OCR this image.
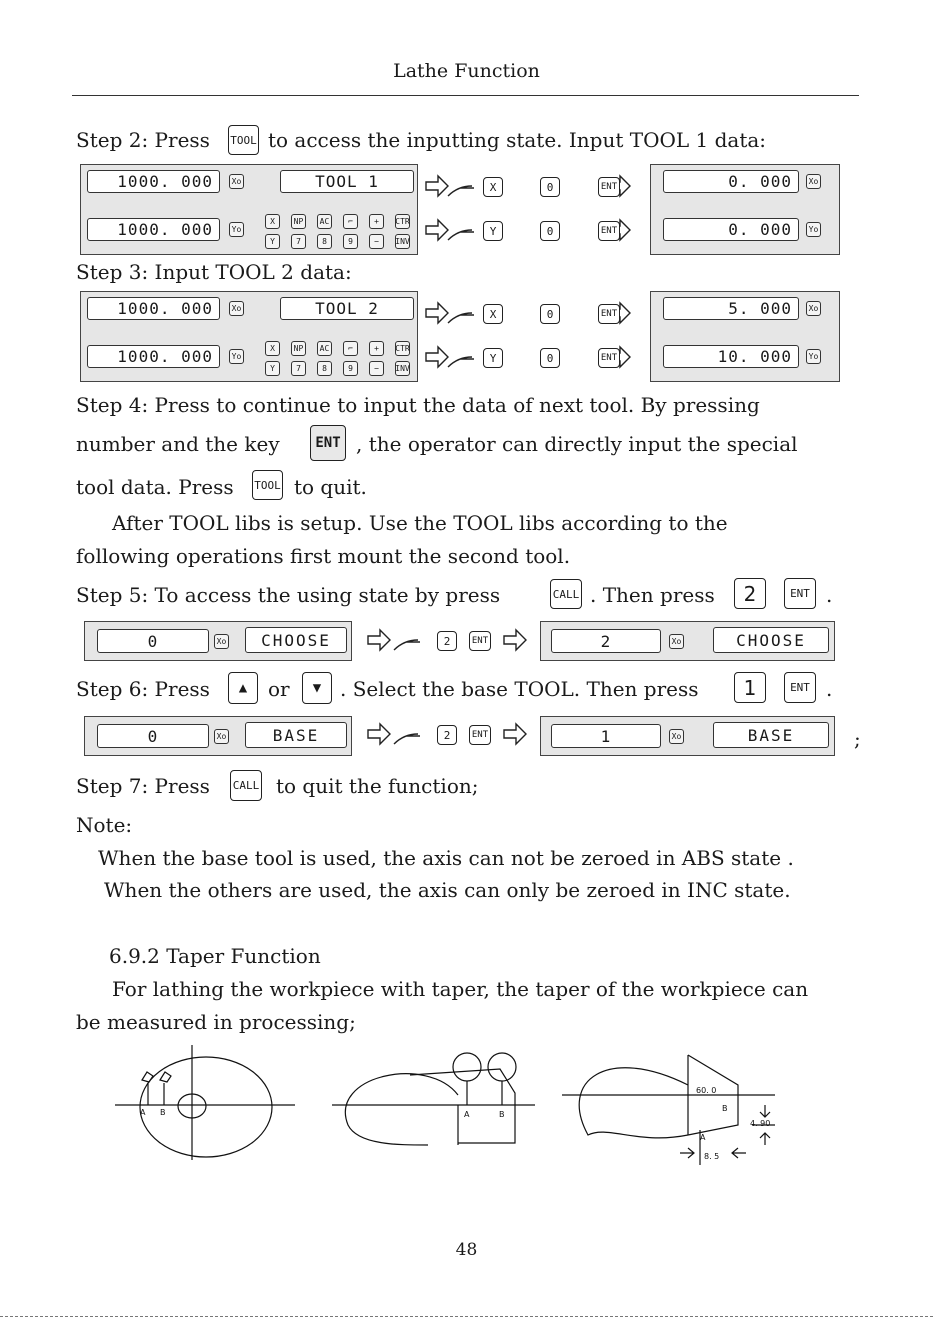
Lathe Function
Step 2: Press TOOL to access the inputting state. Input TOOL 1 data:
1000. 000	Xo	TOOL 1
1000. 000	Yo
X	NP	AC	⌐	+	CTR
Y	7	8	9	−	INV
X	0	ENT
Y	0	ENT
0. 000	Xo
0. 000	Yo
Step 3: Input TOOL 2 data:
1000. 000	Xo	TOOL 2
1000. 000	Yo
X	NP	AC	⌐	+	CTR
Y	7	8	9	−	INV
X	0	ENT
Y	0	ENT
5. 000	Xo
10. 000	Yo
Step 4: Press to continue to input the data of next tool. By pressing
number and the key	ENT , the operator can directly input the special
tool data. Press TOOL to quit.
After TOOL libs is setup. Use the TOOL libs according to the
following operations first mount the second tool.
Step 5: To access the using state by press	CALL . Then press	2	ENT .
0	Xo	CHOOSE	2	ENT	2	Xo	CHOOSE
Step 6: Press	▲	or	▼ . Select the base TOOL. Then press	1	ENT .
0	Xo	BASE	2	ENT	1	Xo	BASE	;
Step 7: Press CALL to quit the function;
Note:
When the base tool is used, the axis can not be zeroed in ABS state .
When the others are used, the axis can only be zeroed in INC state.
6.9.2 Taper Function
For lathing the workpiece with taper, the taper of the workpiece can
be measured in processing;
A B	A	B
B
A
60. 0
4. 90
8. 5
48
